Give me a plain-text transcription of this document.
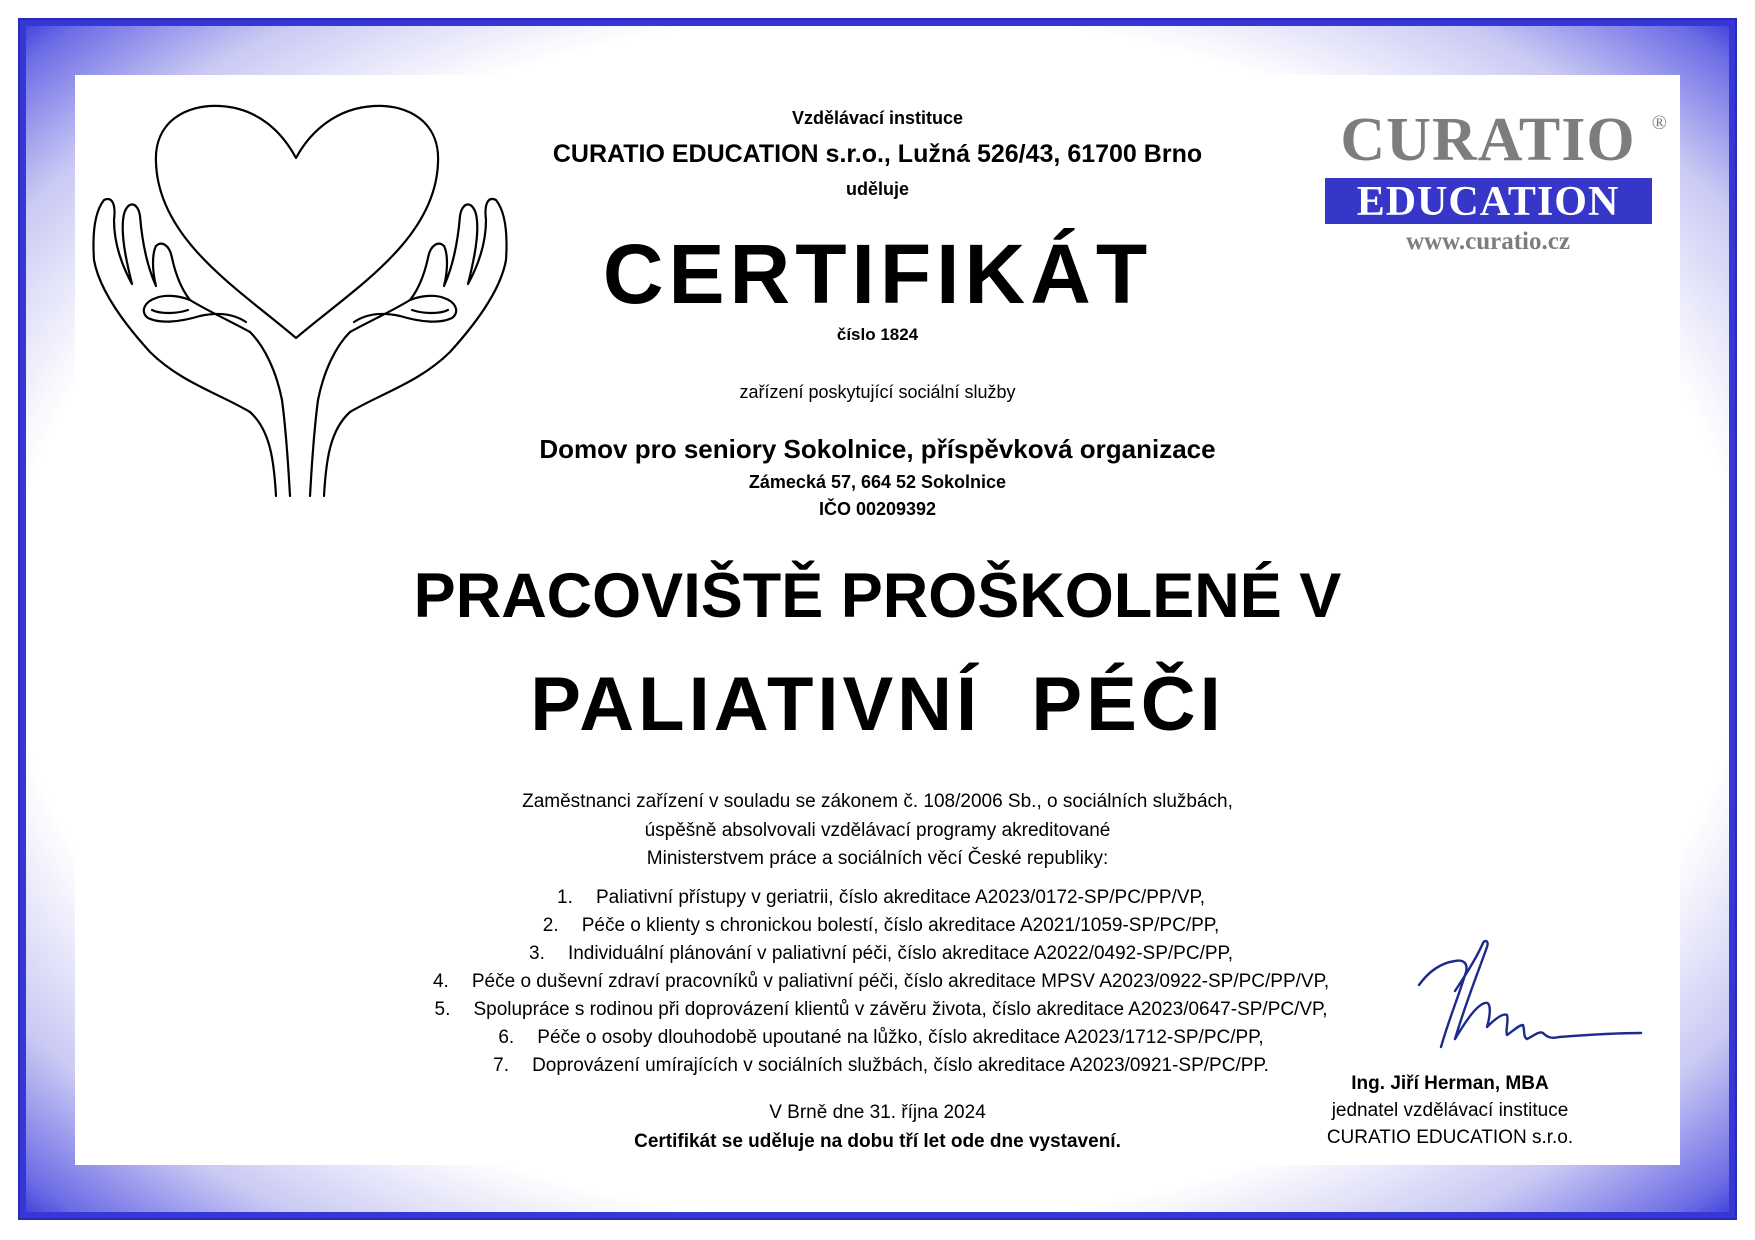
CURATIO ®
EDUCATION
www.curatio.cz
Vzdělávací instituce
CURATIO EDUCATION s.r.o., Lužná 526/43, 61700 Brno
uděluje
CERTIFIKÁT
číslo 1824
zařízení poskytující sociální služby
Domov pro seniory Sokolnice, příspěvková organizace
Zámecká 57, 664 52 Sokolnice
IČO 00209392
PRACOVIŠTĚ PROŠKOLENÉ V
PALIATIVNÍ  PÉČI
Zaměstnanci zařízení v souladu se zákonem č. 108/2006 Sb., o sociálních službách,
úspěšně absolvovali vzdělávací programy akreditované
Ministerstvem práce a sociálních věcí České republiky:
1. Paliativní přístupy v geriatrii, číslo akreditace A2023/0172-SP/PC/PP/VP,
2. Péče o klienty s chronickou bolestí, číslo akreditace A2021/1059-SP/PC/PP,
3. Individuální plánování v paliativní péči, číslo akreditace A2022/0492-SP/PC/PP,
4. Péče o duševní zdraví pracovníků v paliativní péči, číslo akreditace MPSV A2023/0922-SP/PC/PP/VP,
5. Spolupráce s rodinou při doprovázení klientů v závěru života, číslo akreditace A2023/0647-SP/PC/VP,
6. Péče o osoby dlouhodobě upoutané na lůžko, číslo akreditace A2023/1712-SP/PC/PP,
7. Doprovázení umírajících v sociálních službách, číslo akreditace A2023/0921-SP/PC/PP.
V Brně dne 31. října 2024
Certifikát se uděluje na dobu tří let ode dne vystavení.
Ing. Jiří Herman, MBA
jednatel vzdělávací instituce
CURATIO EDUCATION s.r.o.
